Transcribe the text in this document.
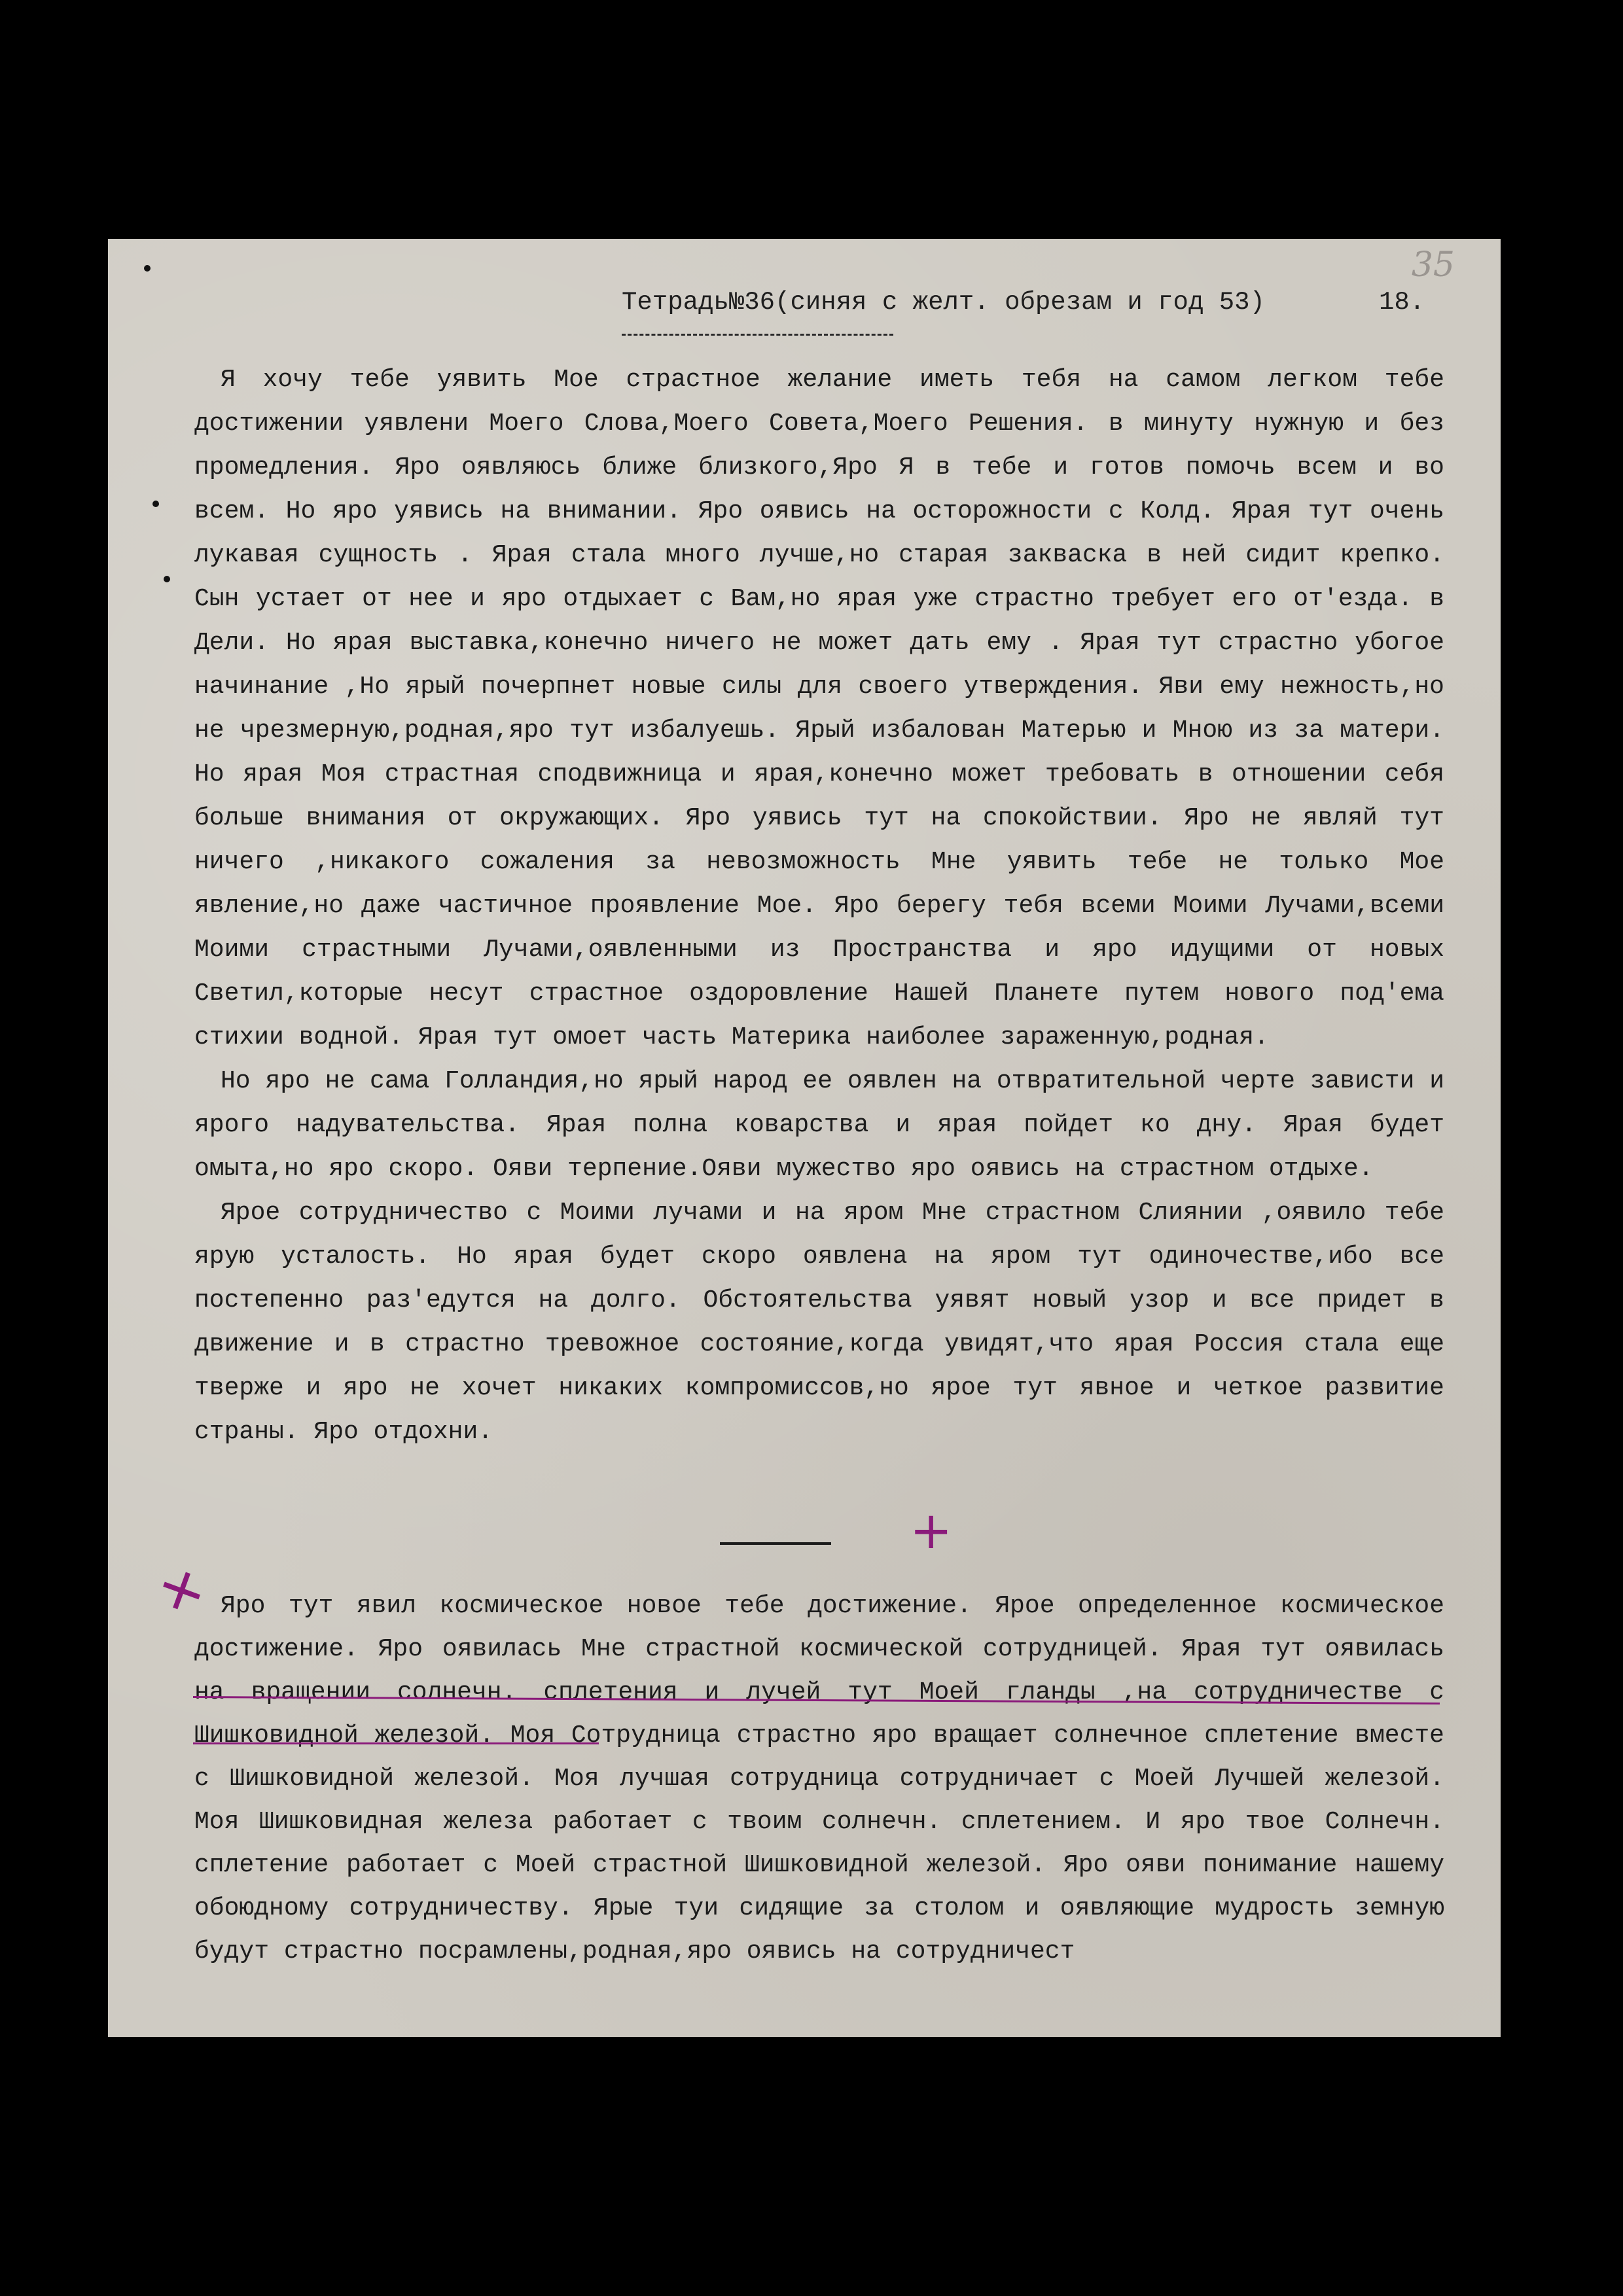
35
Тетрадь№36(синяя с желт. обрезам и год 53)	18.

Я хочу тебе уявить Мое страстное желание иметь тебя на самом легком тебе достижении уявлени Моего Слова,Моего Совета,Моего Решения. в минуту нужную и без промедления. Яро оявляюсь ближе близкого,Яро Я в тебе и готов помочь всем и во всем. Но яро уявись на внимании. Яро оявись на осторожности с Колд. Ярая тут очень лукавая сущность . Ярая стала много лучше,но старая закваска в ней сидит крепко. Сын устает от нее и яро отдыхает с Вам,но ярая уже страстно требует его от'езда. в Дели. Но ярая выставка,конечно ничего не может дать ему . Ярая тут страстно убогое начинание ,Но ярый почерпнет новые силы для своего утверждения. Яви ему нежность,но не чрезмерную,родная,яро тут избалуешь. Ярый избалован Матерью и Мною из за матери. Но ярая Моя страстная сподвижница и ярая,конечно может требовать в отношении себя больше внимания от окружающих. Яро уявись тут на спокойствии. Яро не являй тут ничего ,никакого сожаления за невозможность Мне уявить тебе не только Мое явление,но даже частичное проявление Мое. Яро берегу тебя всеми Моими Лучами,всеми Моими страстными Лучами,оявленными из Пространства и яро идущими от новых Светил,которые несут страстное оздоровление Нашей Планете путем нового под'ема стихии водной. Ярая тут омоет часть Материка наиболее зараженную,родная.

Но яро не сама Голландия,но ярый народ ее оявлен на отвратительной черте зависти и ярого надувательства. Ярая полна коварства и ярая пойдет ко дну. Ярая будет омыта,но яро скоро. Ояви терпение.Ояви мужество яро оявись на страстном отдыхе.

Ярое сотрудничество с Моими лучами и на яром Мне страстном Слиянии ,оявило тебе ярую усталость. Но ярая будет скоро оявлена на яром тут одиночестве,ибо все постепенно раз'едутся на долго. Обстоятельства уявят новый узор и все придет в движение и в страстно тревожное состояние,когда увидят,что ярая Россия стала еще тверже и яро не хочет никаких компромиссов,но ярое тут явное и четкое развитие страны. Яро отдохни.

+

Яро тут явил космическое новое тебе достижение. Ярое определенное космическое достижение. Яро оявилась Мне страстной космической сотрудницей. Ярая тут оявилась на вращении солнечн. сплетения и лучей тут Моей гланды ,на сотрудничестве с Шишковидной железой. Моя Сотрудница страстно яро вращает солнечное сплетение вместе с Шишковидной железой. Моя лучшая сотрудница сотрудничает с Моей Лучшей железой. Моя Шишковидная железа работает с твоим солнечн. сплетением. И яро твое Солнечн. сплетение работает с Моей страстной Шишковидной железой. Яро ояви понимание нашему обоюдному сотрудничеству. Ярые туи сидящие за столом и оявляющие мудрость земную будут страстно посрамлены,родная,яро оявись на сотрудничест

+
